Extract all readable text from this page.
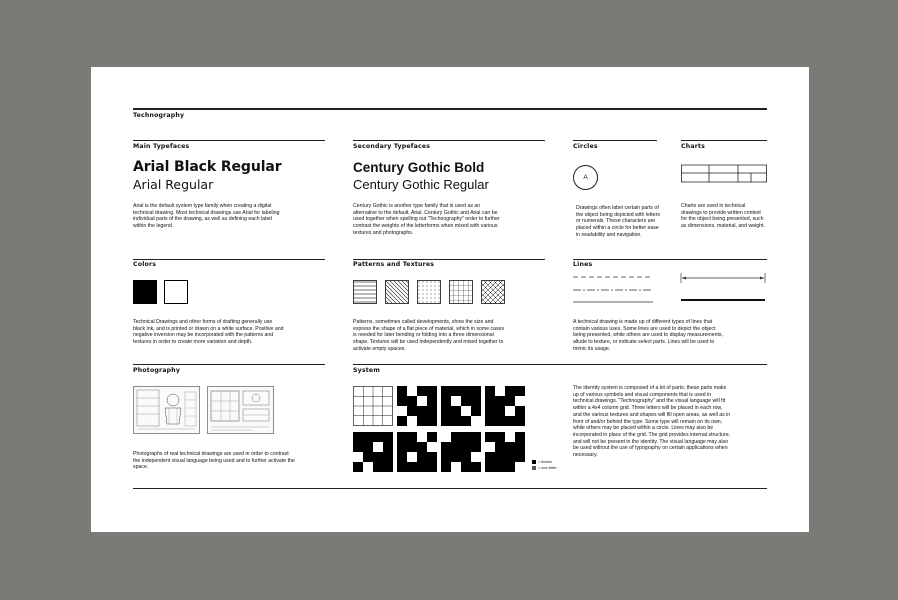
Technography
Main Typefaces
Arial Black Regular
Arial Regular
Arial is the default system type family when creating a digital technical drawing. Most technical drawings use Arial for labeling individual parts of the drawing, as well as defining each label within the legend.
Secondary Typefaces
Century Gothic Bold
Century Gothic Regular
Century Gothic is another type family that is used as an alternative to the default, Arial. Century Gothic and Arial can be used together when spelling out "Technography" order to further contrast the weights of the letterforms when mixed with various textures and photographs.
Circles
A
Drawings often label certain parts of the object being depicted with letters or numerals. These characters are placed within a circle for better ease in readability and navigation.
Charts
Charts are used in technical drawings to provide written context for the object being presented, such as dimensions, material, and weight.
Colors
Technical Drawings and other forms of drafting generally use black ink, and is printed or drawn on a white surface. Positive and negative inversion may be incorporated with the patterns and textures in order to create more variation and depth.
Patterns and Textures
Patterns, sometimes called developments, show the size and express the shape of a flat piece of material, which in some cases is needed for later bending or folding into a three dimensional shape. Textures will be used independently and mixed together to activate empty spaces.
Lines
A technical drawing is made up of different types of lines that contain various uses. Some lines are used to depict the object being presented, while others are used to display measurements, allude to texture, or indicate select parts. Lines will be used to mimic its usage.
Photography
Photographs of real technical drawings are used in order to contrast the independent visual language being used and to further activate the space.
System
= texture
= new letter
The identity system is composed of a kit of parts; these parts make up of various symbols and visual components that is used in technical drawings. "Technography" and the visual language will fit within a 4x4 column grid. Three letters will be placed in each row, and the various textures and shapes will fill open areas, as well as in front of and/or behind the type. Some type will remain on its own, while others may be placed within a circle. Lines may also be incorporated in place of the grid. The grid provides internal structure, and will not be present in the identity. The visual language may also be used without the use of typography on certain applications when necessary.
